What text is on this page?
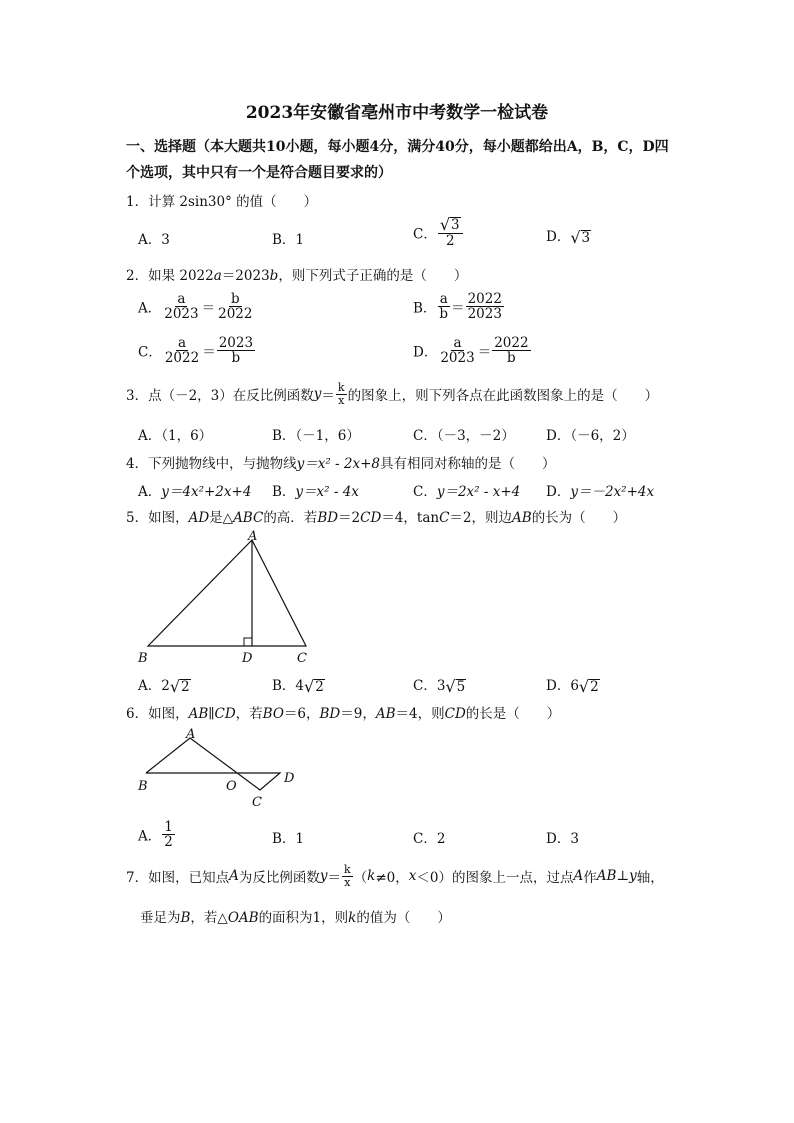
2023年安徽省亳州市中考数学一检试卷
一、选择题（本大题共10小题，每小题4分，满分40分，每小题都给出A，B，C，D四
个选项，其中只有一个是符合题目要求的）
1．计算 2sin30° 的值（　　）
A．3	B．1	C． $\frac{√ 3}{2}$	D． √ 3
2．如果 2022a＝2023b，则下列式子正确的是（　　）
A． $\frac{a}{2023} = \frac{b}{2022}$	B． $\frac{a}{b} = \frac{2022}{2023}$
C． $\frac{a}{2022} = \frac{2023}{b}$	D． $\frac{a}{2023} = \frac{2022}{b}$
3．点（－2，3）在反比例函数$y= \frac{k}{x}$ 的图象上，则下列各点在此函数图象上的是（　　）
A．（1，6）	B．（－1，6）	C．（－3，－2） D．（－6，2）
4．下列抛物线中，与抛物线y＝x² - 2x+8具有相同对称轴的是（　　）
A．y＝4x²+2x+4 B．y＝x² - 4x	C．y＝2x² - x+4 D．y＝－2x²+4x
5．如图，AD是△ABC的高．若BD＝2CD＝4，tanC＝2，则边AB的长为（　　）
A
B	D	C
A．2 √ 2	B．4 √ 2	C．3 √ 5	D．6 √ 2
6．如图，AB∥CD，若BO＝6，BD＝9，AB＝4，则CD的长是（　　）
A
B	O
D
C
A． $\frac{1}{2}$	B．1	C．2	D．3
7．如图，已知点A为反比例函数$y= \frac{k}{x} (k\ne 0$，x＜0）的图象上一点，过点A作AB⊥y轴，
垂足为B，若△OAB的面积为1，则k的值为（　　）
